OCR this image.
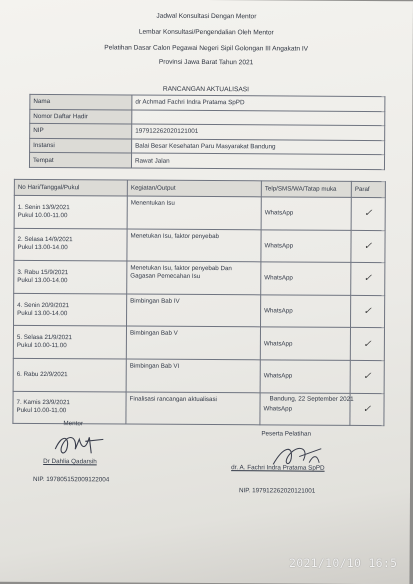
Jadwal Konsultasi Dengan Mentor
Lembar Konsultasi/Pengendalian Oleh Mentor
Pelatihan Dasar Calon Pegawai Negeri Sipil Golongan III Angakatn IV
Provinsi Jawa Barat Tahun 2021
RANCANGAN AKTUALISASI
Nama	dr Achmad Fachri Indra Pratama SpPD
Nomor Daftar Hadir	
NIP	197912262020121001
Instansi	Balai Besar Kesehatan Paru Masyarakat Bandung
Tempat	Rawat Jalan
No Hari/Tanggal/Pukul	Kegiatan/Output	Telp/SMS/WA/Tatap muka	Paraf

1. Senin 13/9/2021
Pukul 10.00-11.00	Menentukan Isu	WhatsApp	✓

2. Selasa 14/9/2021
Pukul 13.00-14.00	Menetukan Isu, faktor penyebab	WhatsApp	✓

3. Rabu 15/9/2021
Pukul 13.00-14.00	Menetukan Isu, faktor penyebab Dan Gagasan Pemecahan Isu	WhatsApp	✓

4. Senin 20/9/2021
Pukul 13.00-14.00	Bimbingan Bab IV	WhatsApp	✓

5. Selasa 21/9/2021
Pukul 10.00-11.00	Bimbingan Bab V	WhatsApp	✓

6. Rabu 22/9/2021	Bimbingan Bab VI	WhatsApp	✓

7. Kamis 23/9/2021
Pukul 10.00-11.00	Finalisasi rancangan aktualisasi	WhatsApp	✓
Bandung, 22 September 2021
Mentor
Peserta Pelatihan
Dr Dahlia Qadarsih
NIP. 197805152009122004
dr. A. Fachri Indra Pratama SpPD
NIP. 197912262020121001
2021/10/10 16:5
